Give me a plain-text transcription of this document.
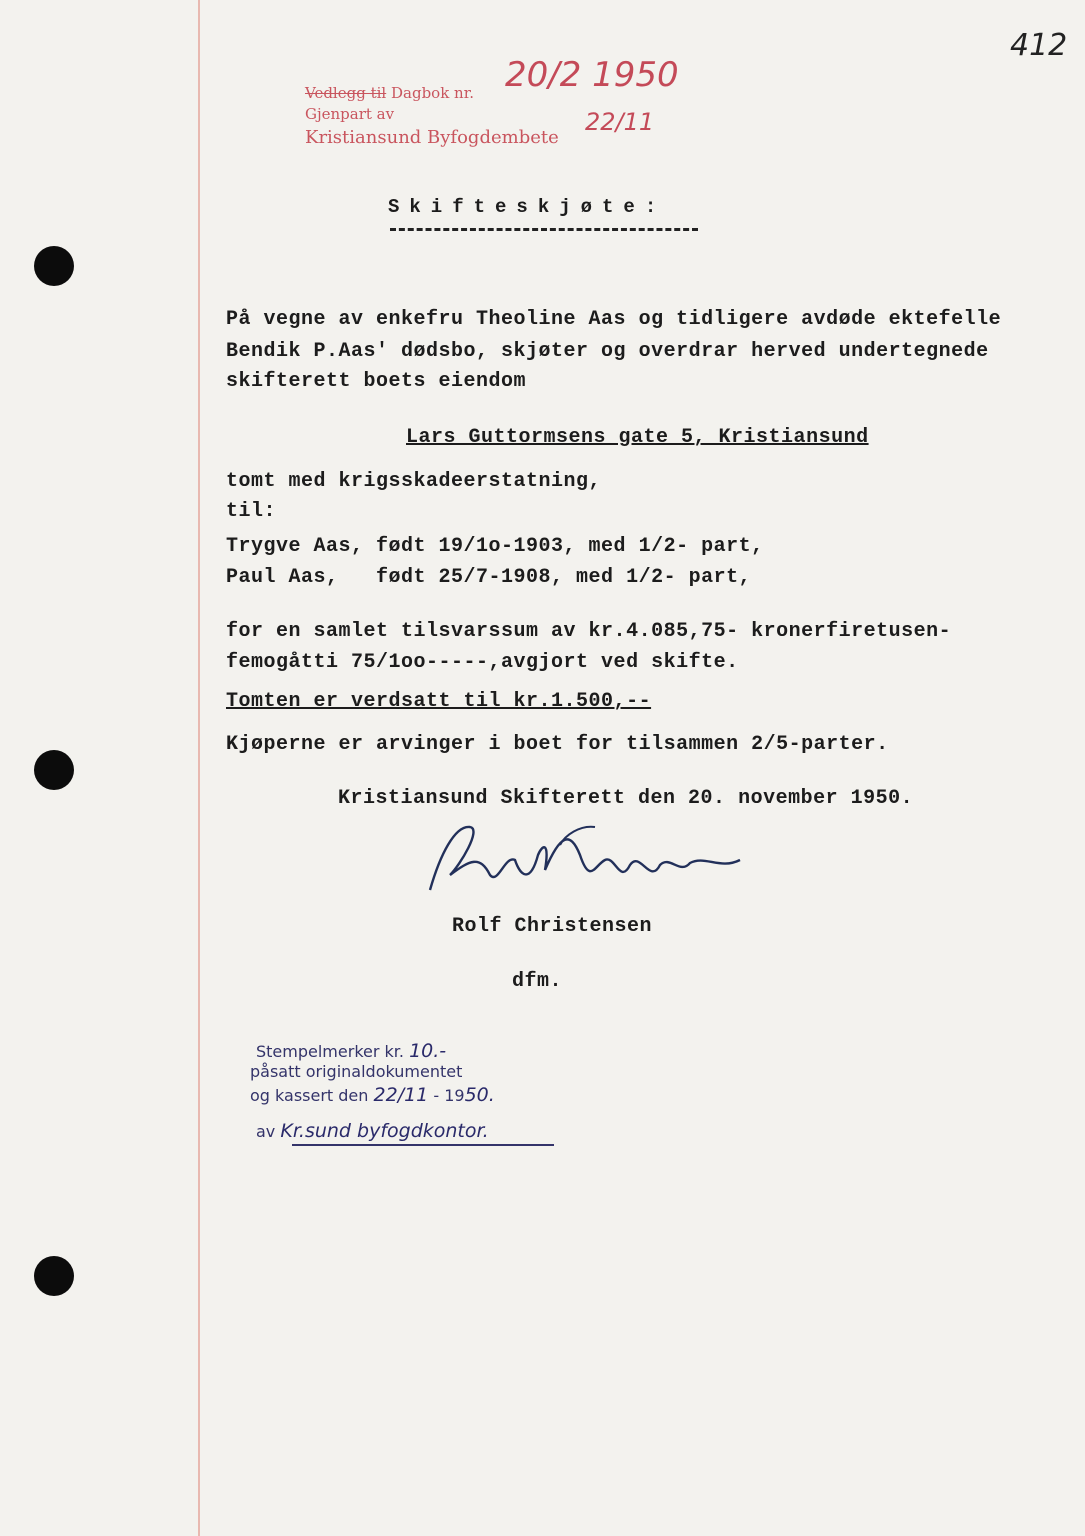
412
Vedlegg til Dagbok nr.
Gjenpart av
Kristiansund Byfogdembete
20/2 1950
22/11
Skifteskjøte:
På vegne av enkefru Theoline Aas og tidligere avdøde ektefelle
Bendik P.Aas' dødsbo, skjøter og overdrar herved undertegnede
skifterett boets eiendom
Lars Guttormsens gate 5, Kristiansund
tomt med krigsskadeerstatning,
til:
Trygve Aas, født 19/1o-1903, med 1/2- part,
Paul Aas,   født 25/7-1908, med 1/2- part,
for en samlet tilsvarssum av kr.4.085,75- kronerfiretusen-
femogåtti 75/1oo-----,avgjort ved skifte.
Tomten er verdsatt til kr.1.500,--
Kjøperne er arvinger i boet for tilsammen 2/5-parter.
Kristiansund Skifterett den 20. november 1950.
Rolf Christensen
dfm.
Stempelmerker kr. 10.-
påsatt originaldokumentet
og kassert den 22/11 - 1950.
av Kr.sund byfogdkontor.
